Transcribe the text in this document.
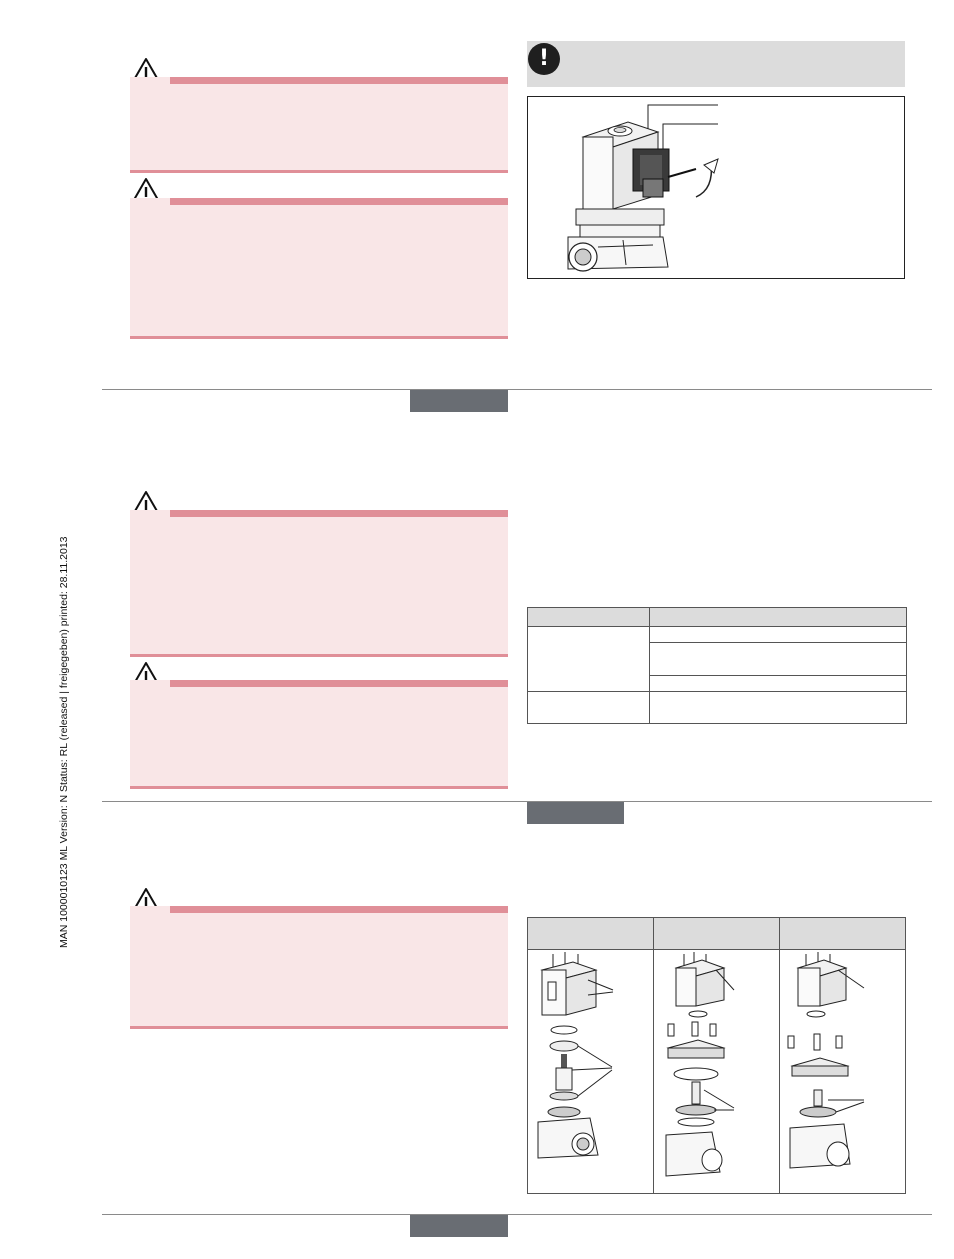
MAN 1000010123 ML Version: N Status: RL (released | freigegeben) printed: 28.11.2013
!
